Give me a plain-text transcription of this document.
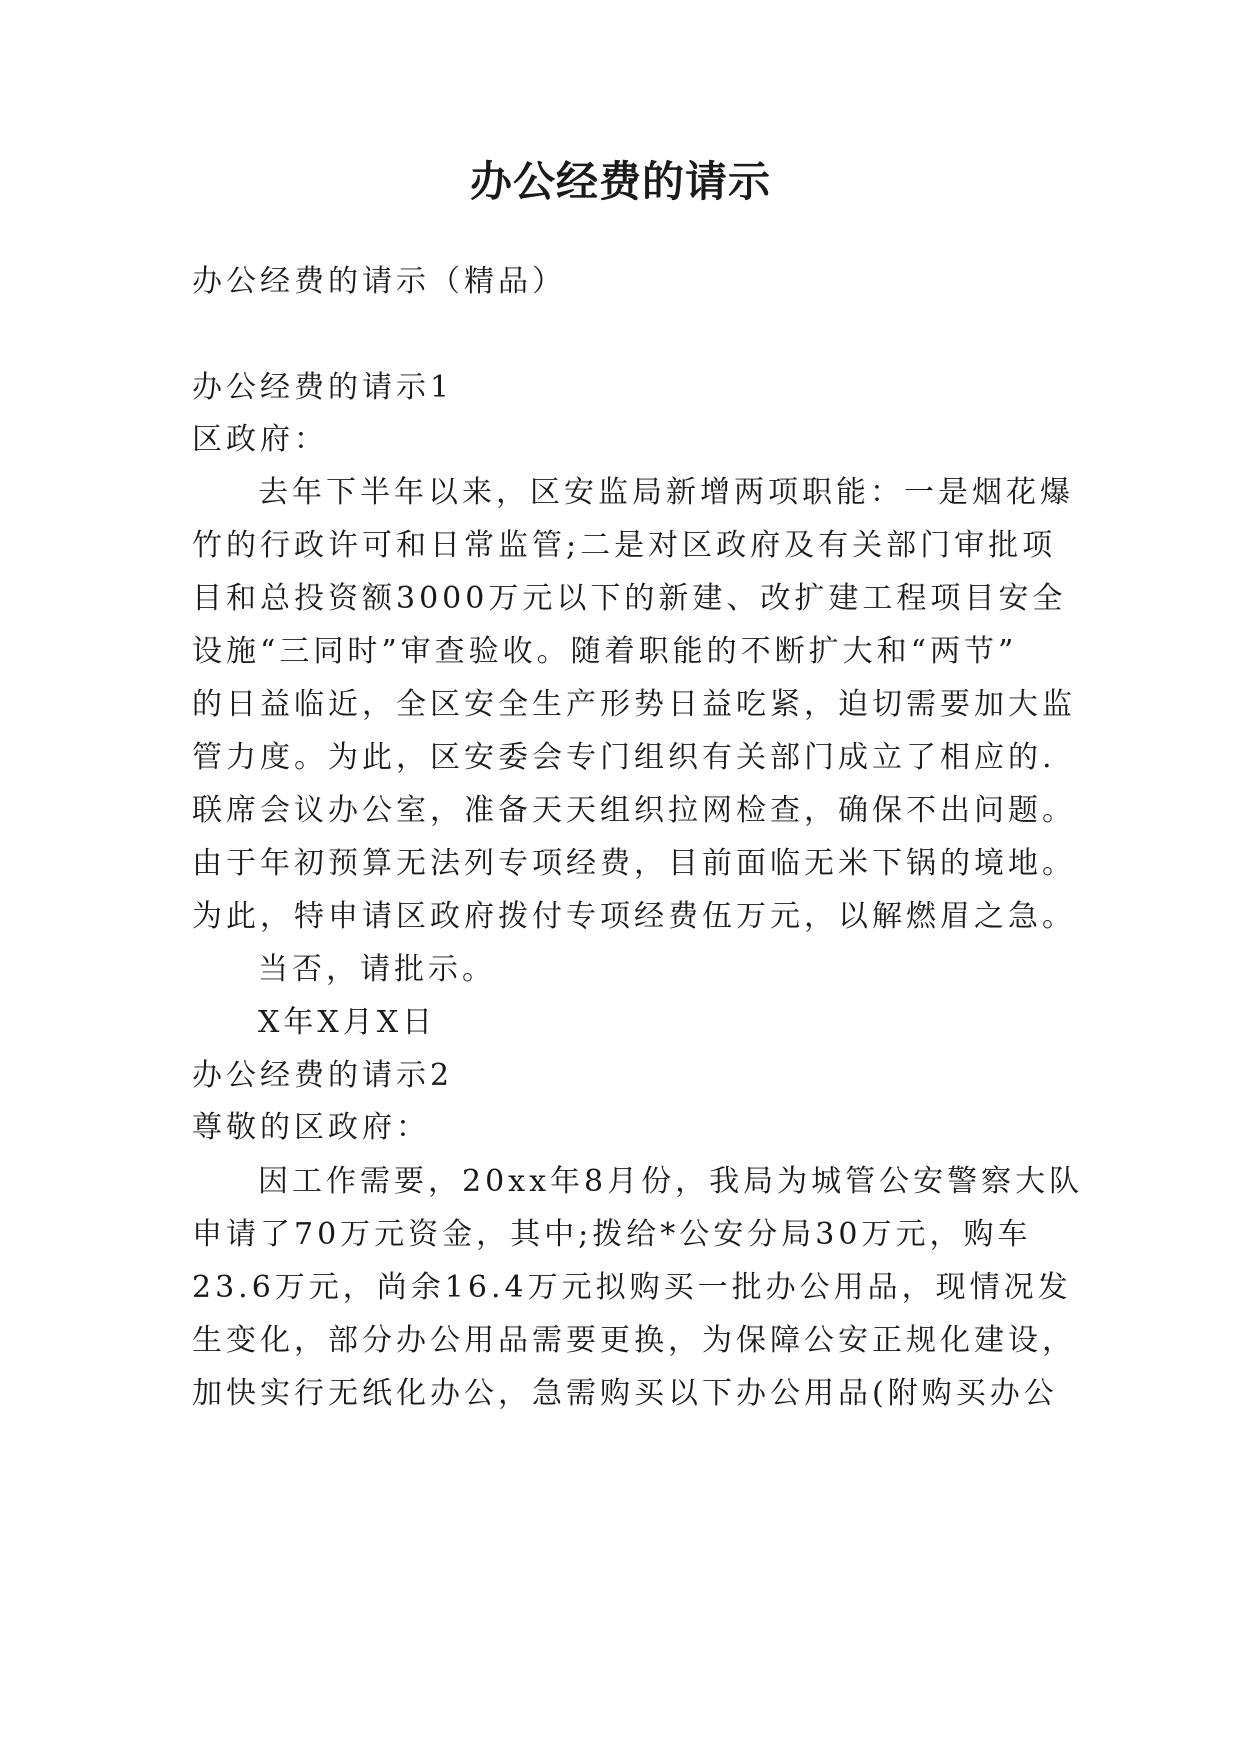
办公经费的请示
办公经费的请示（精品）
办公经费的请示1
区政府：
去年下半年以来，区安监局新增两项职能：一是烟花爆
竹的行政许可和日常监管;二是对区政府及有关部门审批项
目和总投资额3000万元以下的新建、改扩建工程项目安全
设施“三同时”审查验收。随着职能的不断扩大和“两节”
的日益临近，全区安全生产形势日益吃紧，迫切需要加大监
管力度。为此，区安委会专门组织有关部门成立了相应的.
联席会议办公室，准备天天组织拉网检查，确保不出问题。
由于年初预算无法列专项经费，目前面临无米下锅的境地。
为此，特申请区政府拨付专项经费伍万元，以解燃眉之急。
当否，请批示。
X年X月X日
办公经费的请示2
尊敬的区政府：
因工作需要，20xx年8月份，我局为城管公安警察大队
申请了70万元资金，其中;拨给*公安分局30万元，购车
23.6万元，尚余16.4万元拟购买一批办公用品，现情况发
生变化，部分办公用品需要更换，为保障公安正规化建设，
加快实行无纸化办公，急需购买以下办公用品(附购买办公
